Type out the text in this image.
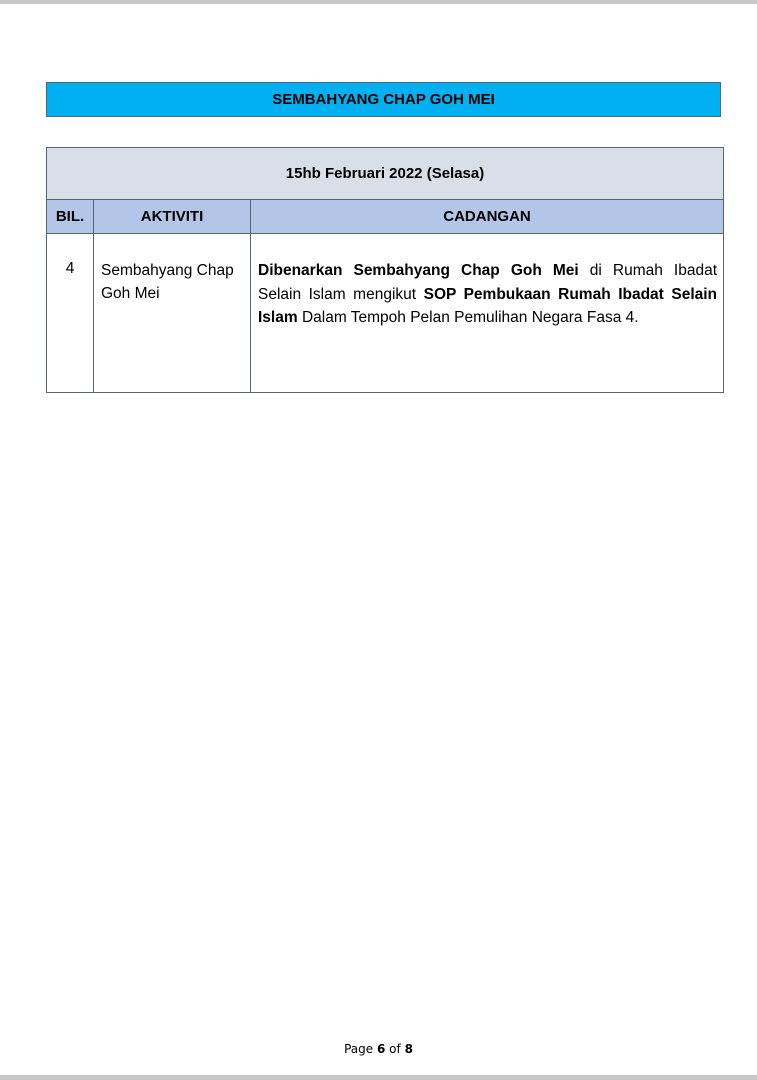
SEMBAHYANG CHAP GOH MEI
15hb Februari 2022 (Selasa)		
BIL.	AKTIVITI	CADANGAN
4	Sembahyang Chap Goh Mei	Dibenarkan Sembahyang Chap Goh Mei di Rumah Ibadat Selain Islam mengikut SOP Pembukaan Rumah Ibadat Selain Islam Dalam Tempoh Pelan Pemulihan Negara Fasa 4.
Page 6 of 8
